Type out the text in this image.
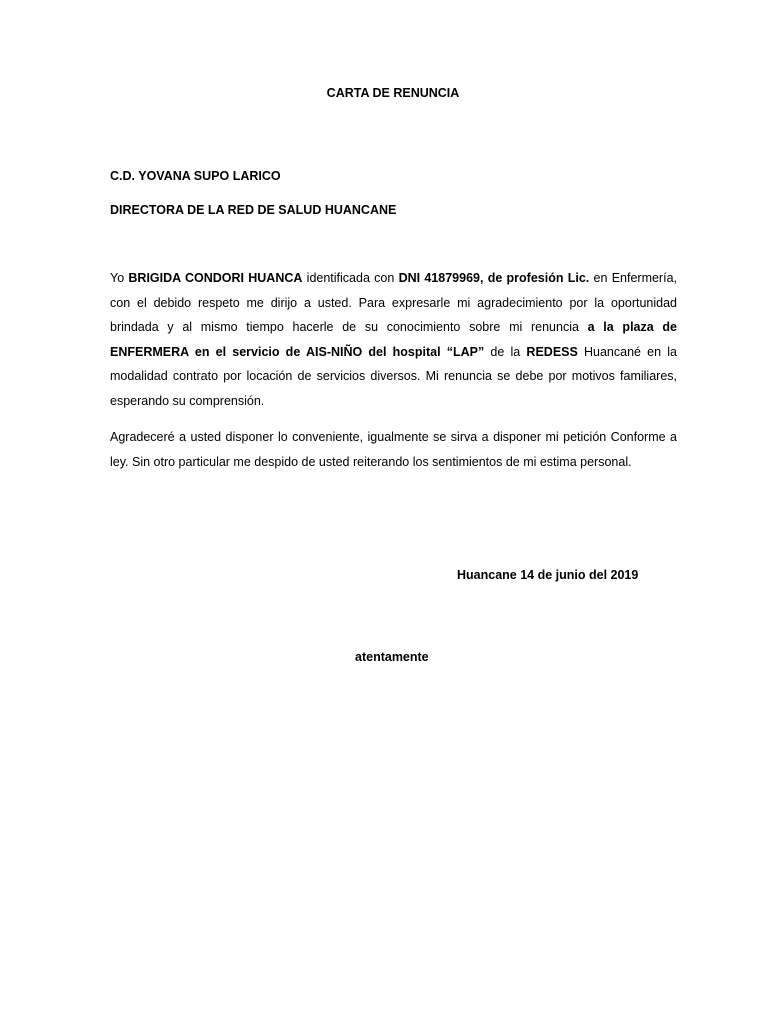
CARTA DE RENUNCIA
C.D. YOVANA SUPO LARICO
DIRECTORA DE LA RED DE SALUD HUANCANE
Yo BRIGIDA CONDORI HUANCA identificada con DNI 41879969, de profesión Lic. en Enfermería, con el debido respeto me dirijo a usted. Para expresarle mi agradecimiento por la oportunidad brindada y al mismo tiempo hacerle de su conocimiento sobre mi renuncia a la plaza de ENFERMERA en el servicio de AIS-NIÑO del hospital “LAP” de la REDESS Huancané en la modalidad contrato por locación de servicios diversos. Mi renuncia se debe por motivos familiares, esperando su comprensión.
Agradeceré a usted disponer lo conveniente, igualmente se sirva a disponer mi petición Conforme a ley. Sin otro particular me despido de usted reiterando los sentimientos de mi estima personal.
Huancane 14 de junio del 2019
atentamente
